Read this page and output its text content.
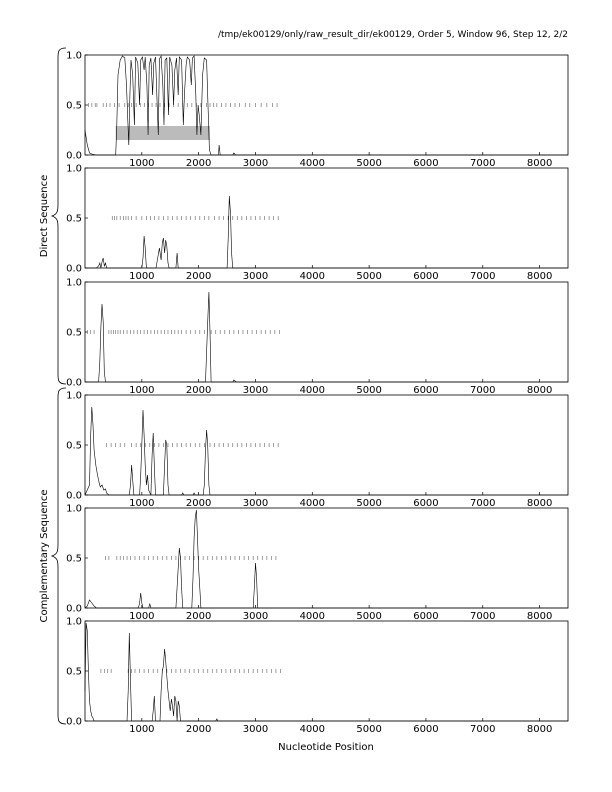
/tmp/ek00129/only/raw_result_dir/ek00129, Order 5, Window 96, Step 12, 2/2
0.0
0.5
1.0
1000	2000	3000	4000	5000	6000	7000	8000
0.0
0.5
1.0
1000	2000	3000	4000	5000	6000	7000	8000
0.0
0.5
1.0
1000	2000	3000	4000	5000	6000	7000	8000
0.0
0.5
1.0
1000	2000	3000	4000	5000	6000	7000	8000
0.0
0.5
1.0
1000	2000	3000	4000	5000	6000	7000	8000
0.0
0.5
1.0
1000	2000	3000	4000	5000	6000	7000	8000
Direct Sequence
Complementary Sequence
Nucleotide Position
